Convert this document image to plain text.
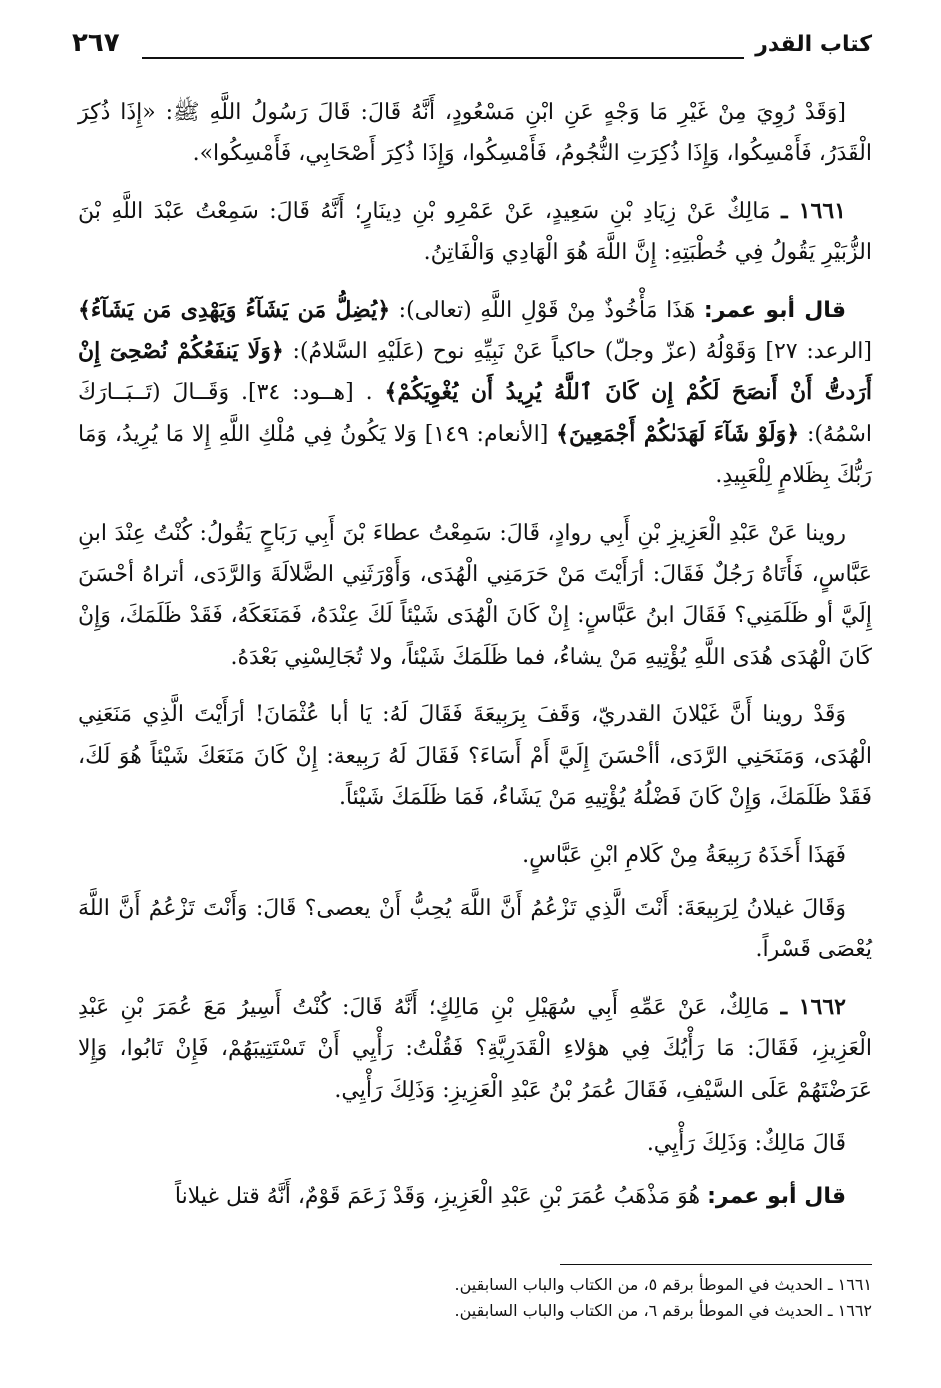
كتاب القدر
٢٦٧

[وَقَدْ رُوِيَ مِنْ غَيْرِ مَا وَجْهٍ عَنِ ابْنِ مَسْعُودٍ، أَنَّهُ قَالَ: قَالَ رَسُولُ اللَّهِ ﷺ: «إِذَا ذُكِرَ الْقَدَرُ، فَأَمْسِكُوا، وَإِذَا ذُكِرَتِ النُّجُومُ، فَأَمْسِكُوا، وَإِذَا ذُكِرَ أَصْحَابِي، فَأَمْسِكُوا».

١٦٦١ ـ مَالِكٌ عَنْ زِيَادِ بْنِ سَعِيدٍ، عَنْ عَمْرِو بْنِ دِينَارٍ؛ أَنَّهُ قَالَ: سَمِعْتُ عَبْدَ اللَّهِ بْنَ الزُّبَيْرِ يَقُولُ فِي خُطْبَتِهِ: إِنَّ اللَّهَ هُوَ الْهَادِي وَالْفَاتِنُ.

قال أبو عمر: هَذَا مَأْخُوذٌ مِنْ قَوْلِ اللَّهِ (تعالى): ﴿يُضِلُّ مَن يَشَآءُ وَيَهْدِى مَن يَشَآءُ﴾ [الرعد: ٢٧] وَقَوْلُهُ (عزّ وجلّ) حاكياً عَنْ نَبِيِّهِ نوح (عَلَيْهِ السَّلامُ): ﴿وَلَا يَنفَعُكُمْ نُصْحِىٓ إِنْ أَرَدتُّ أَنْ أَنصَحَ لَكُمْ إِن كَانَ ٱللَّهُ يُرِيدُ أَن يُغْوِيَكُمْ﴾ . [هــود: ٣٤]. وَقَــالَ (تَــبَــارَكَ اسْمُهُ): ﴿وَلَوْ شَآءَ لَهَدَىٰكُمْ أَجْمَعِينَ﴾ [الأنعام: ١٤٩] وَلا يَكُونُ فِي مُلْكِ اللَّهِ إِلا مَا يُرِيدُ، وَمَا رَبُّكَ بِظَلامٍ لِلْعَبِيدِ.

روينا عَنْ عَبْدِ الْعَزِيزِ بْنِ أَبِي روادٍ، قَالَ: سَمِعْتُ عطاءَ بْنَ أَبِي رَبَاحٍ يَقُولُ: كُنْتُ عِنْدَ ابنِ عَبَّاسٍ، فَأَتَاهُ رَجُلٌ فَقَالَ: أرَأَيْتَ مَنْ حَرَمَنِي الْهُدَى، وَأَوْرَثَنِي الضَّلالَةَ وَالرَّدَى، أتراهُ أحْسَنَ إِلَيَّ أو ظَلَمَنِي؟ فَقَالَ ابنُ عَبَّاسٍ: إِنْ كَانَ الْهُدَى شَيْئاً لَكَ عِنْدَهُ، فَمَنَعَكَهُ، فَقَدْ ظَلَمَكَ، وَإِنْ كَانَ الْهُدَى هُدَى اللَّهِ يُؤْتِيهِ مَنْ يشاءُ، فما ظَلَمَكَ شَيْئاً، ولا تُجَالِسْنِي بَعْدَهُ.

وَقَدْ روينا أَنَّ غَيْلانَ القدريّ، وَقَفَ بِرَبِيعَةَ فَقَالَ لَهُ: يَا أبا عُثْمَانَ! أرَأَيْتَ الَّذِي مَنَعَنِي الْهُدَى، وَمَنَحَنِي الرَّدَى، أأحْسَنَ إِلَيَّ أَمْ أَسَاءَ؟ فَقَالَ لَهُ رَبِيعة: إِنْ كَانَ مَنَعَكَ شَيْئاً هُوَ لَكَ، فَقَدْ ظَلَمَكَ، وَإِنْ كَانَ فَضْلُهُ يُؤْتِيهِ مَنْ يَشَاءُ، فَمَا ظَلَمَكَ شَيْئاً.

فَهَذَا أَخَذَهُ رَبِيعَةُ مِنْ كَلامِ ابْنِ عَبَّاسٍ.

وَقَالَ غيلانُ لِرَبِيعَةَ: أَنْتَ الَّذِي تَزْعُمُ أَنَّ اللَّهَ يُحِبُّ أَنْ يعصى؟ قَالَ: وَأَنْتَ تَزْعُمُ أَنَّ اللَّهَ يُعْصَى قَسْراً.

١٦٦٢ ـ مَالِكٌ، عَنْ عَمِّهِ أَبِي سُهَيْلِ بْنِ مَالِكٍ؛ أَنَّهُ قَالَ: كُنْتُ أَسِيرُ مَعَ عُمَرَ بْنِ عَبْدِ الْعَزِيزِ، فَقَالَ: مَا رَأْيُكَ فِي هؤلاءِ الْقَدَرِيَّةِ؟ فَقُلْتُ: رَأْيِي أَنْ تَسْتَتِيبَهُمْ، فَإِنْ تَابُوا، وَإِلا عَرَضْتَهُمْ عَلَى السَّيْفِ، فَقَالَ عُمَرُ بْنُ عَبْدِ الْعَزِيزِ: وَذَلِكَ رَأْيِي.

قَالَ مَالِكٌ: وَذَلِكَ رَأْيِي.

قال أبو عمر: هُوَ مَذْهَبُ عُمَرَ بْنِ عَبْدِ الْعَزِيزِ، وَقَدْ زَعَمَ قَوْمٌ، أَنَّهُ قتل غيلاناً

١٦٦١ ـ الحديث في الموطأ برقم ٥، من الكتاب والباب السابقين.

١٦٦٢ ـ الحديث في الموطأ برقم ٦، من الكتاب والباب السابقين.
